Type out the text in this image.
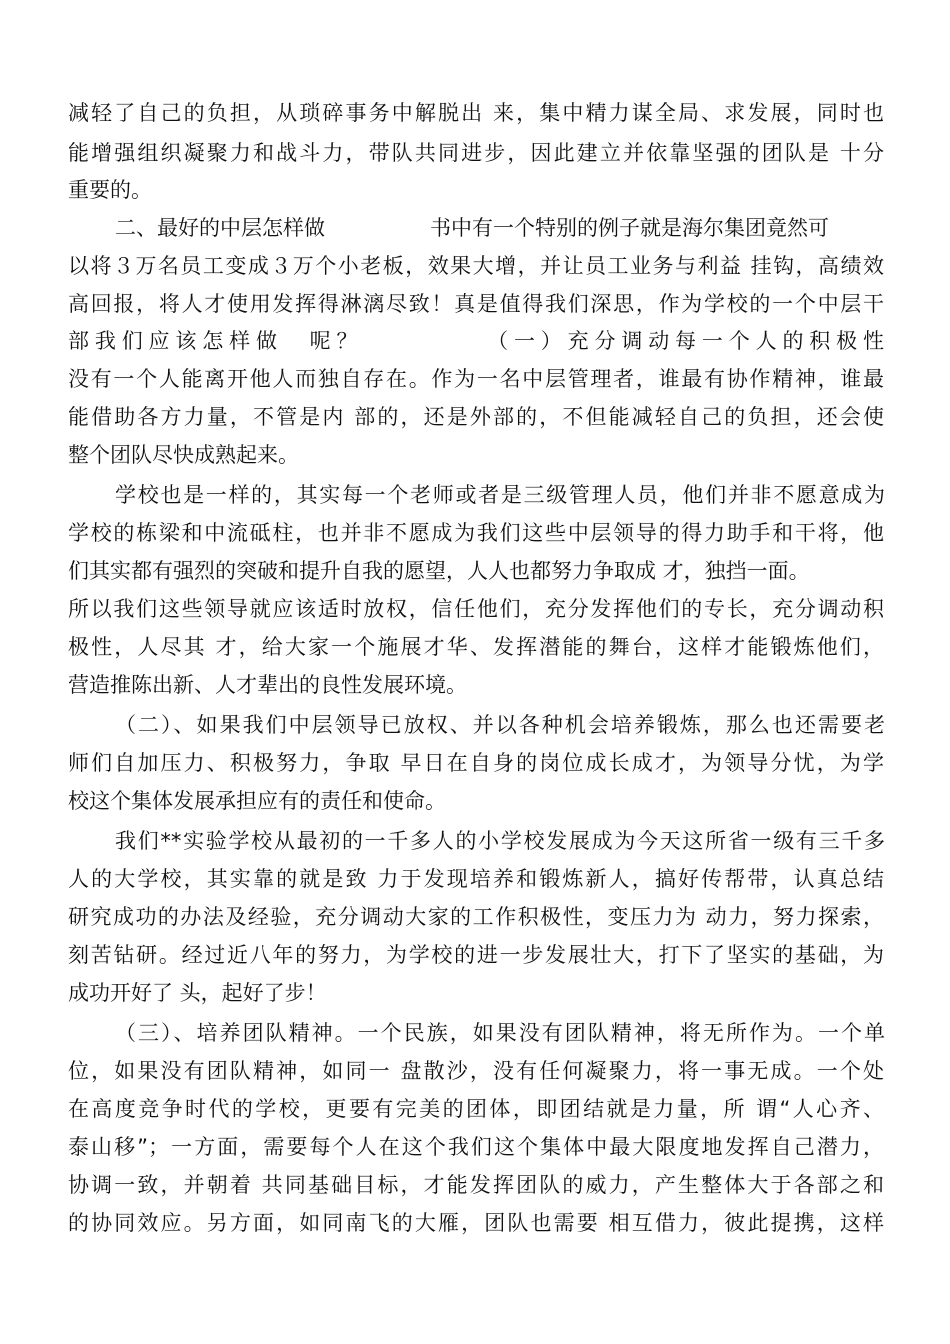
减轻了自己的负担，从琐碎事务中解脱出 来，集中精力谋全局、求发展，同时也
能增强组织凝聚力和战斗力，带队共同进步，因此建立并依靠坚强的团队是 十分
重要的。
二、最好的中层怎样做　　　　　书中有一个特别的例子就是海尔集团竟然可
以将３万名员工变成３万个小老板，效果大增，并让员工业务与利益 挂钩，高绩效
高回报，将人才使用发挥得淋漓尽致！真是值得我们深思，作为学校的一个中层干
部我们应该怎样做　呢？　　　　　（一）充分调动每一个人的积极性
没有一个人能离开他人而独自存在。作为一名中层管理者，谁最有协作精神，谁最
能借助各方力量，不管是内 部的，还是外部的，不但能减轻自己的负担，还会使
整个团队尽快成熟起来。
学校也是一样的，其实每一个老师或者是三级管理人员，他们并非不愿意成为
学校的栋梁和中流砥柱，也并非不愿成为我们这些中层领导的得力助手和干将，他
们其实都有强烈的突破和提升自我的愿望，人人也都努力争取成 才，独挡一面。
所以我们这些领导就应该适时放权，信任他们，充分发挥他们的专长，充分调动积
极性，人尽其 才，给大家一个施展才华、发挥潜能的舞台，这样才能锻炼他们，
营造推陈出新、人才辈出的良性发展环境。
（二）、如果我们中层领导已放权、并以各种机会培养锻炼，那么也还需要老
师们自加压力、积极努力，争取 早日在自身的岗位成长成才，为领导分忧，为学
校这个集体发展承担应有的责任和使命。
我们**实验学校从最初的一千多人的小学校发展成为今天这所省一级有三千多
人的大学校，其实靠的就是致 力于发现培养和锻炼新人，搞好传帮带，认真总结
研究成功的办法及经验，充分调动大家的工作积极性，变压力为 动力，努力探索，
刻苦钻研。经过近八年的努力，为学校的进一步发展壮大，打下了坚实的基础，为
成功开好了 头，起好了步！
（三）、培养团队精神。一个民族，如果没有团队精神，将无所作为。一个单
位，如果没有团队精神，如同一 盘散沙，没有任何凝聚力，将一事无成。一个处
在高度竞争时代的学校，更要有完美的团体，即团结就是力量，所 谓“人心齐、
泰山移”；一方面，需要每个人在这个我们这个集体中最大限度地发挥自己潜力，
协调一致，并朝着 共同基础目标，才能发挥团队的威力，产生整体大于各部之和
的协同效应。另方面，如同南飞的大雁，团队也需要 相互借力，彼此提携，这样
